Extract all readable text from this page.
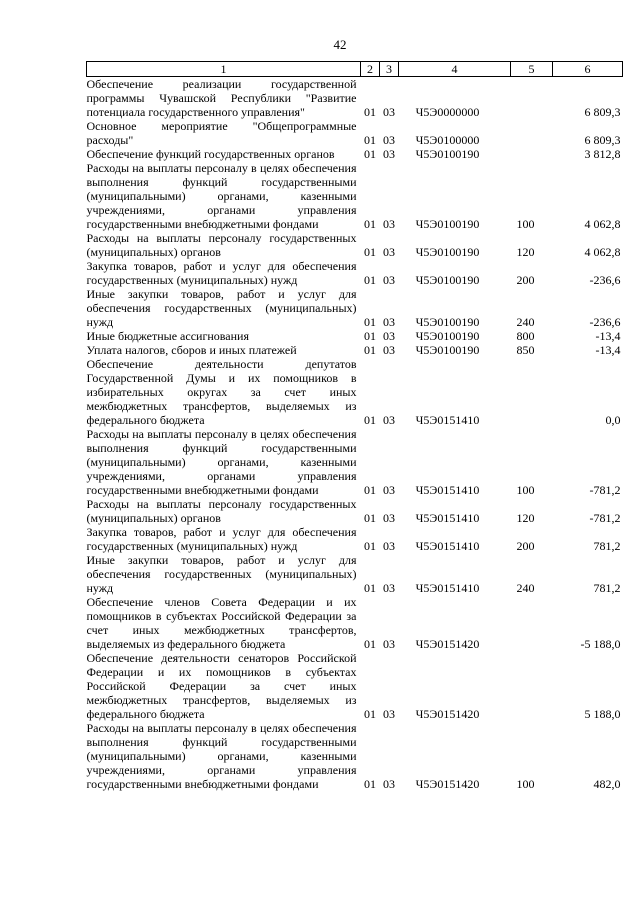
42
1	2	3	4	5	6
Обеспечение реализации государственной программы Чувашской Республики "Развитие потенциала государственного управления"	01	03	Ч5Э0000000		6 809,3
Основное мероприятие "Общепрограммные расходы"	01	03	Ч5Э0100000		6 809,3
Обеспечение функций государственных органов	01	03	Ч5Э0100190		3 812,8
Расходы на выплаты персоналу в целях обеспечения выполнения функций государственными (муниципальными) органами, казенными учреждениями, органами управления государственными внебюджетными фондами	01	03	Ч5Э0100190	100	4 062,8
Расходы на выплаты персоналу государственных (муниципальных) органов	01	03	Ч5Э0100190	120	4 062,8
Закупка товаров, работ и услуг для обеспечения государственных (муниципальных) нужд	01	03	Ч5Э0100190	200	-236,6
Иные закупки товаров, работ и услуг для обеспечения государственных (муниципальных) нужд	01	03	Ч5Э0100190	240	-236,6
Иные бюджетные ассигнования	01	03	Ч5Э0100190	800	-13,4
Уплата налогов, сборов и иных платежей	01	03	Ч5Э0100190	850	-13,4
Обеспечение деятельности депутатов Государственной Думы и их помощников в избирательных округах за счет иных межбюджетных трансфертов, выделяемых из федерального бюджета	01	03	Ч5Э0151410		0,0
Расходы на выплаты персоналу в целях обеспечения выполнения функций государственными (муниципальными) органами, казенными учреждениями, органами управления государственными внебюджетными фондами	01	03	Ч5Э0151410	100	-781,2
Расходы на выплаты персоналу государственных (муниципальных) органов	01	03	Ч5Э0151410	120	-781,2
Закупка товаров, работ и услуг для обеспечения государственных (муниципальных) нужд	01	03	Ч5Э0151410	200	781,2
Иные закупки товаров, работ и услуг для обеспечения государственных (муниципальных) нужд	01	03	Ч5Э0151410	240	781,2
Обеспечение членов Совета Федерации и их помощников в субъектах Российской Федерации за счет иных межбюджетных трансфертов, выделяемых из федерального бюджета	01	03	Ч5Э0151420		-5 188,0
Обеспечение деятельности сенаторов Российской Федерации и их помощников в субъектах Российской Федерации за счет иных межбюджетных трансфертов, выделяемых из федерального бюджета	01	03	Ч5Э0151420		5 188,0
Расходы на выплаты персоналу в целях обеспечения выполнения функций государственными (муниципальными) органами, казенными учреждениями, органами управления государственными внебюджетными фондами	01	03	Ч5Э0151420	100	482,0
